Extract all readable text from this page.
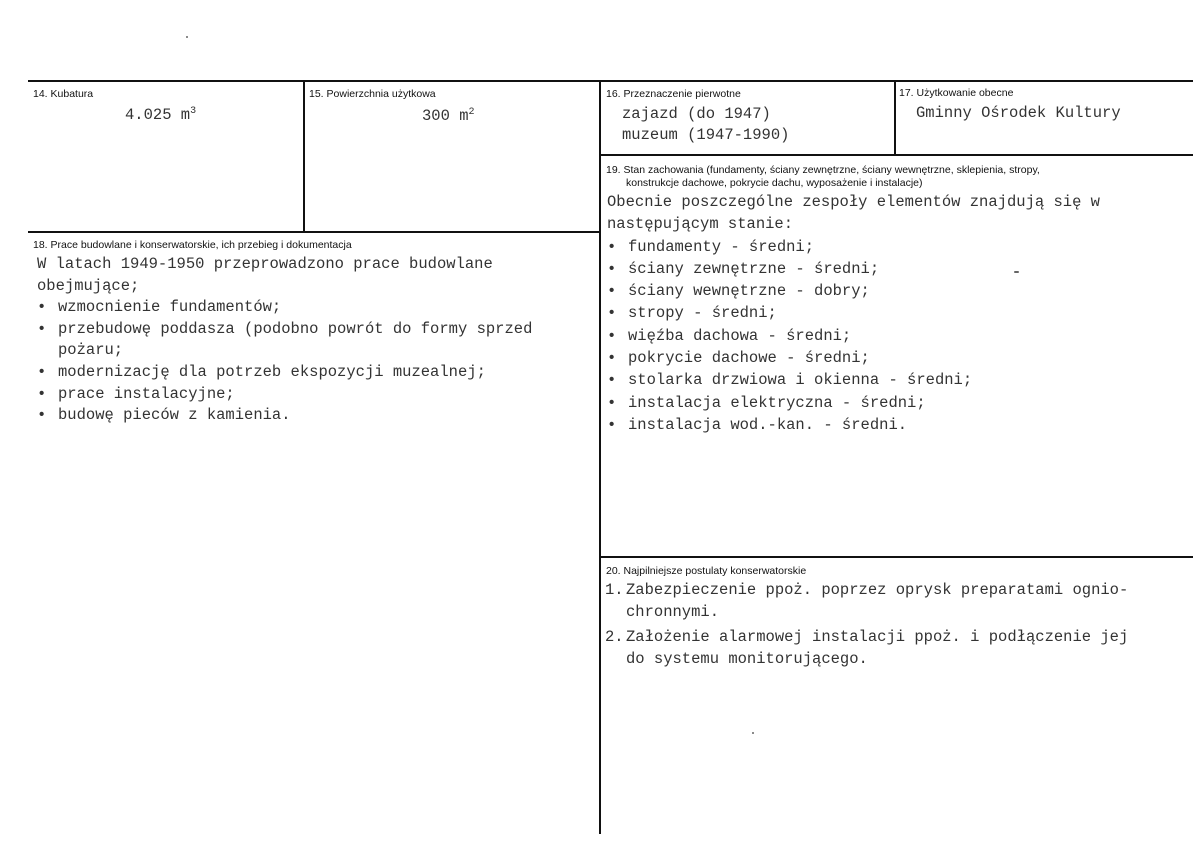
14. Kubatura
4.025 $m^3$
15. Powierzchnia użytkowa
300 $m^2$
16. Przeznaczenie pierwotne
zajazd (do 1947)
muzeum (1947-1990)
17. Użytkowanie obecne
Gminny Ośrodek Kultury
19. Stan zachowania (fundamenty, ściany zewnętrzne, ściany wewnętrzne, sklepienia, stropy,
konstrukcje dachowe, pokrycie dachu, wyposażenie i instalacje)
Obecnie poszczególne zespoły elementów znajdują się w
następującym stanie:
• fundamenty - średni;
• ściany zewnętrzne - średni;
• ściany wewnętrzne - dobry;
• stropy - średni;
• więźba dachowa - średni;
• pokrycie dachowe - średni;
• stolarka drzwiowa i okienna - średni;
• instalacja elektryczna - średni;
• instalacja wod.-kan. - średni.
18. Prace budowlane i konserwatorskie, ich przebieg i dokumentacja
W latach 1949-1950 przeprowadzono prace budowlane
obejmujące;
• wzmocnienie fundamentów;
• przebudowę poddasza (podobno powrót do formy sprzed
pożaru;
• modernizację dla potrzeb ekspozycji muzealnej;
• prace instalacyjne;
• budowę pieców z kamienia.
20. Najpilniejsze postulaty konserwatorskie
1. Zabezpieczenie ppoż. poprzez oprysk preparatami ognio-
chronnymi.
2. Założenie alarmowej instalacji ppoż. i podłączenie jej
do systemu monitorującego.
